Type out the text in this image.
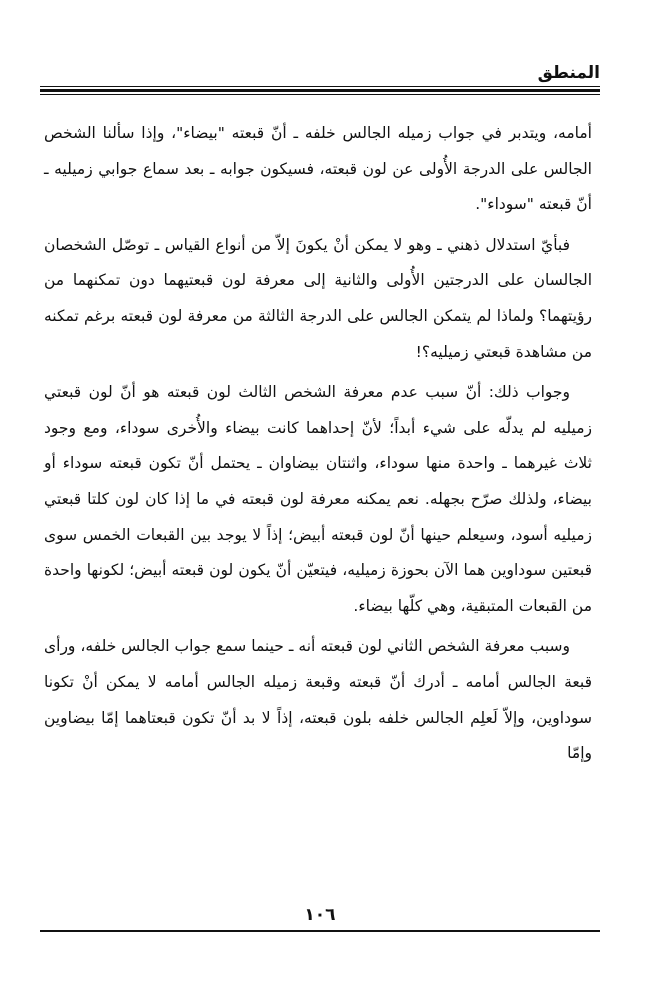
المنطق

أمامه، ويتدبر في جواب زميله الجالس خلفه ـ أنّ قبعته "بيضاء"، وإذا سألنا الشخص الجالس على الدرجة الأُولى عن لون قبعته، فسيكون جوابه ـ بعد سماع جوابي زميليه ـ أنّ قبعته "سوداء".

فبأيّ استدلال ذهني ـ وهو لا يمكن أنْ يكونَ إلاّ من أنواع القياس ـ توصّل الشخصان الجالسان على الدرجتين الأُولى والثانية إلى معرفة لون قبعتيهما دون تمكنهما من رؤيتهما؟ ولماذا لم يتمكن الجالس على الدرجة الثالثة من معرفة لون قبعته برغم تمكنه من مشاهدة قبعتي زميليه؟!

وجواب ذلك: أنّ سبب عدم معرفة الشخص الثالث لون قبعته هو أنّ لون قبعتي زميليه لم يدلّه على شيء أبداً؛ لأنّ إحداهما كانت بيضاء والأُخرى سوداء، ومع وجود ثلاث غيرهما ـ واحدة منها سوداء، واثنتان بيضاوان ـ يحتمل أنّ تكون قبعته سوداء أو بيضاء، ولذلك صرّح بجهله. نعم يمكنه معرفة لون قبعته في ما إذا كان لون كلتا قبعتي زميليه أسود، وسيعلم حينها أنّ لون قبعته أبيض؛ إذاً لا يوجد بين القبعات الخمس سوى قبعتين سوداوين هما الآن بحوزة زميليه، فيتعيّن أنّ يكون لون قبعته أبيض؛ لكونها واحدة من القبعات المتبقية، وهي كلّها بيضاء.

وسبب معرفة الشخص الثاني لون قبعته أنه ـ حينما سمع جواب الجالس خلفه، ورأى قبعة الجالس أمامه ـ أدرك أنّ قبعته وقبعة زميله الجالس أمامه لا يمكن أنْ تكونا سوداوين، وإلاّ لَعلِم الجالس خلفه بلون قبعته، إذاً لا بد أنّ تكون قبعتاهما إمّا بيضاوين وإمّا

١٠٦
